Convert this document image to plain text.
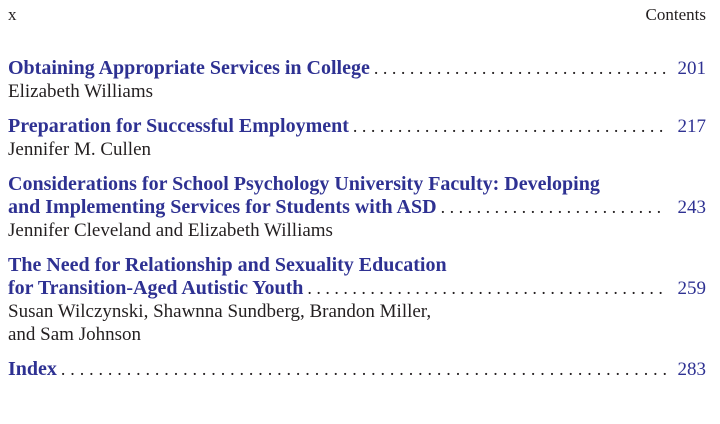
x	Contents
Obtaining Appropriate Services in College . . .	201
Elizabeth Williams
Preparation for Successful Employment . . .	217
Jennifer M. Cullen
Considerations for School Psychology University Faculty: Developing
and Implementing Services for Students with ASD . . .	243
Jennifer Cleveland and Elizabeth Williams
The Need for Relationship and Sexuality Education
for Transition-Aged Autistic Youth . . .	259
Susan Wilczynski, Shawnna Sundberg, Brandon Miller,
and Sam Johnson
Index .....	283
